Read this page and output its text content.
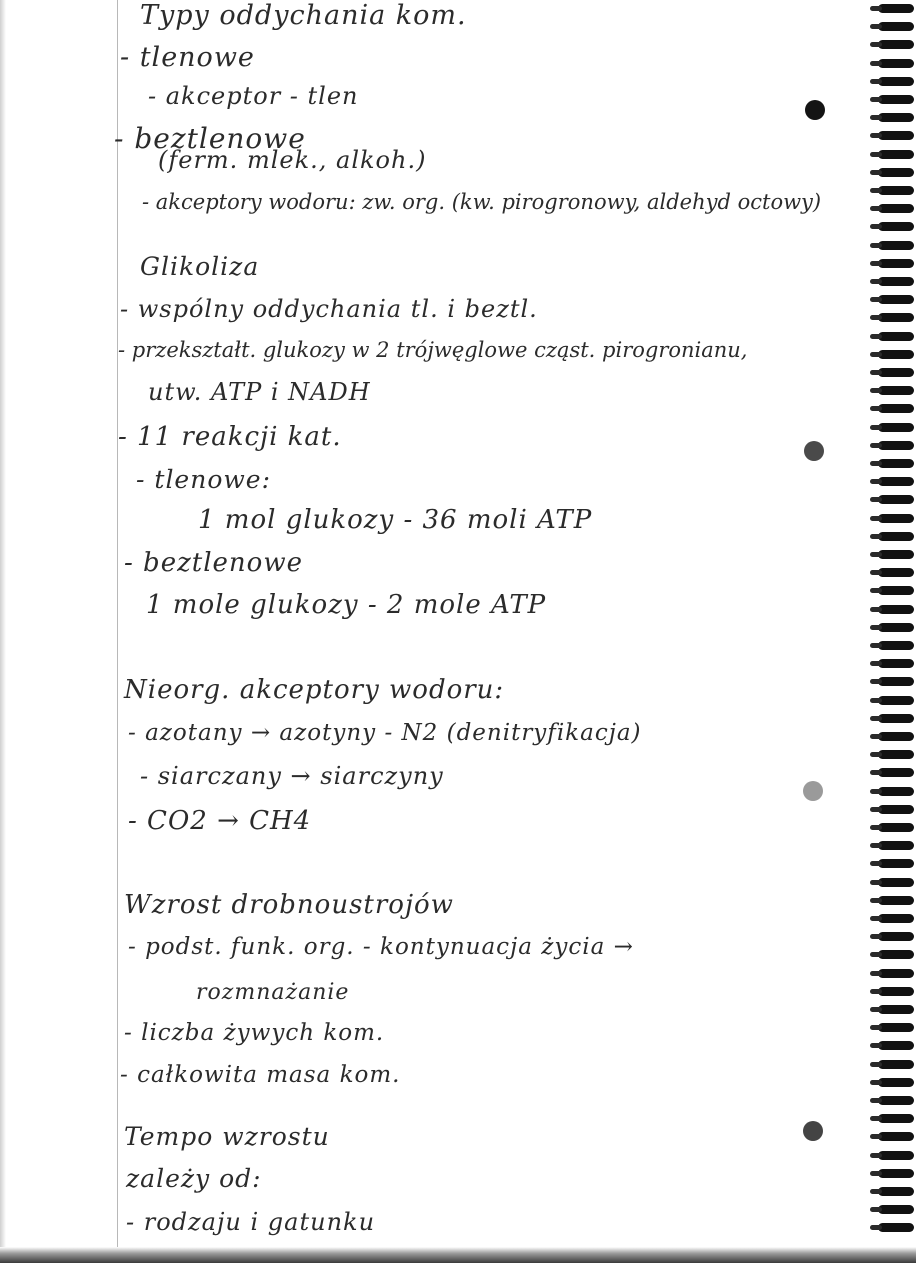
Typy oddychania kom.
- tlenowe
- akceptor - tlen
- beztlenowe
(ferm. mlek., alkoh.)
- akceptory wodoru: zw. org. (kw. pirogronowy, aldehyd octowy)
Glikoliza
- wspólny oddychania tl. i beztl.
- przekształt. glukozy w 2 trójwęglowe cząst. pirogronianu,
utw. ATP i NADH
- 11 reakcji kat.
- tlenowe:
1 mol glukozy - 36 moli ATP
- beztlenowe
1 mole glukozy - 2 mole ATP
Nieorg. akceptory wodoru:
- azotany → azotyny - N2 (denitryfikacja)
- siarczany → siarczyny
- CO2 → CH4
Wzrost drobnoustrojów
- podst. funk. org. - kontynuacja życia →
rozmnażanie
- liczba żywych kom.
- całkowita masa kom.
Tempo wzrostu
zależy od:
- rodzaju i gatunku
